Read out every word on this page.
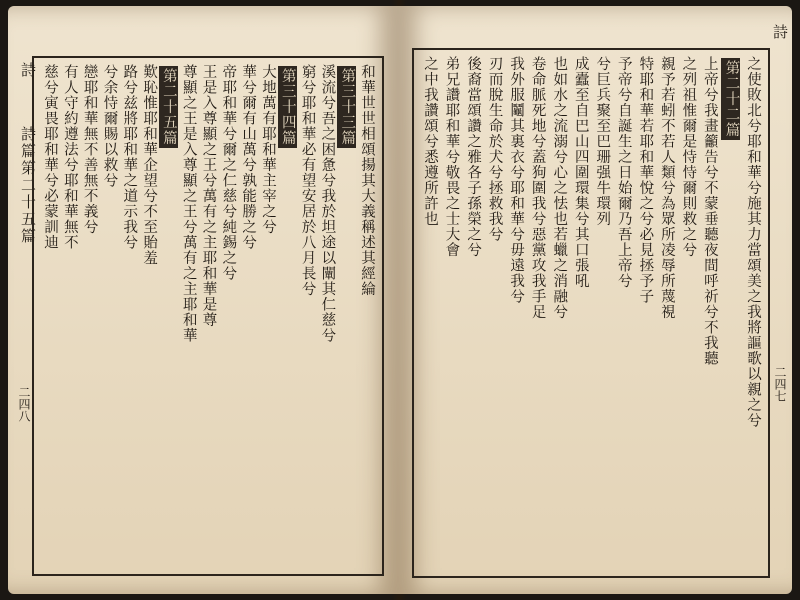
詩
詩篇第二十五篇
二四八
和華世世相頌揚其大義稱述其經綸
第三十三篇
溪流兮吾之困惫兮我於坦途以闡其仁慈兮
窮兮耶和華必有望安居於八月長兮
第三十四篇
大地萬有耶和華主宰之兮
華兮爾有山萬兮孰能勝之兮
帝耶和華兮爾之仁慈兮純錫之兮
王是入尊顯之王兮萬有之主耶和華是尊
尊顯之王是入尊顯之王兮萬有之主耶和華
第二十五篇
歎恥惟耶和華企望兮不至貽羞
路兮兹將耶和華之道示我兮
兮余恃爾賜以救兮
戀耶和華無不善無不義兮
有人守約遵法兮耶和華無不
慈兮寅畏耶和華兮必蒙訓迪
詩
二四七
之使敗北兮耶和華兮施其力當頌美之我將謳歌以親之兮
第二十二篇
上帝兮我畫籲告兮不蒙垂聽夜間呼祈兮不我聽
之列祖惟爾是恃恃爾則救之兮
親予若蚓不若人類兮為眾所凌辱所蔑視
特耶和華若耶和華悅之兮必見拯予子
予帝兮自誕生之日始爾乃吾上帝兮
兮巨兵聚至巴珊强牛環列
成蠹至自巴山四圍環集兮其口張吼
也如水之流溺兮心之怯也若蠟之消融兮
卷命脈死地兮蓋狗圍我兮惡黨攻我手足
我外服鬮其裏衣兮耶和華兮毋遠我兮
刃而脫生命於犬兮拯救我兮
後裔當頌讚之雅各子孫榮之兮
弟兄讚耶和華兮敬畏之士大會
之中我讚頌兮悉遵所許也
